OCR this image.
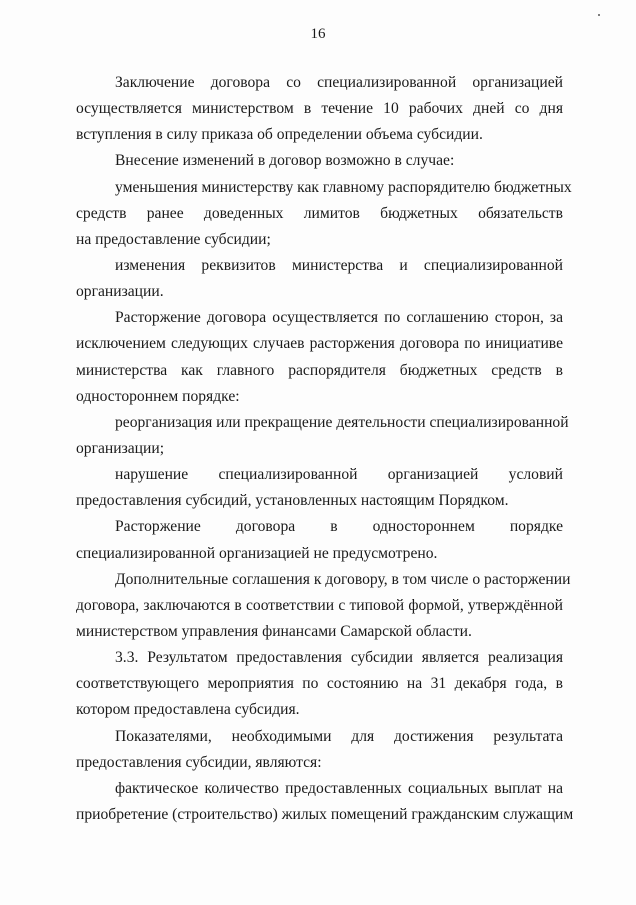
16
Заключение договора со специализированной организацией
осуществляется министерством в течение 10 рабочих дней со дня
вступления в силу приказа об определении объема субсидии.
Внесение изменений в договор возможно в случае:
уменьшения министерству как главному распорядителю бюджетных
средств ранее доведенных лимитов бюджетных обязательств
на предоставление субсидии;
изменения реквизитов министерства и специализированной
организации.
Расторжение договора осуществляется по соглашению сторон, за
исключением следующих случаев расторжения договора по инициативе
министерства как главного распорядителя бюджетных средств в
одностороннем порядке:
реорганизация или прекращение деятельности специализированной
организации;
нарушение специализированной организацией условий
предоставления субсидий, установленных настоящим Порядком.
Расторжение договора в одностороннем порядке
специализированной организацией не предусмотрено.
Дополнительные соглашения к договору, в том числе о расторжении
договора, заключаются в соответствии с типовой формой, утверждённой
министерством управления финансами Самарской области.
3.3. Результатом предоставления субсидии является реализация
соответствующего мероприятия по состоянию на 31 декабря года, в
котором предоставлена субсидия.
Показателями, необходимыми для достижения результата
предоставления субсидии, являются:
фактическое количество предоставленных социальных выплат на
приобретение (строительство) жилых помещений гражданским служащим
